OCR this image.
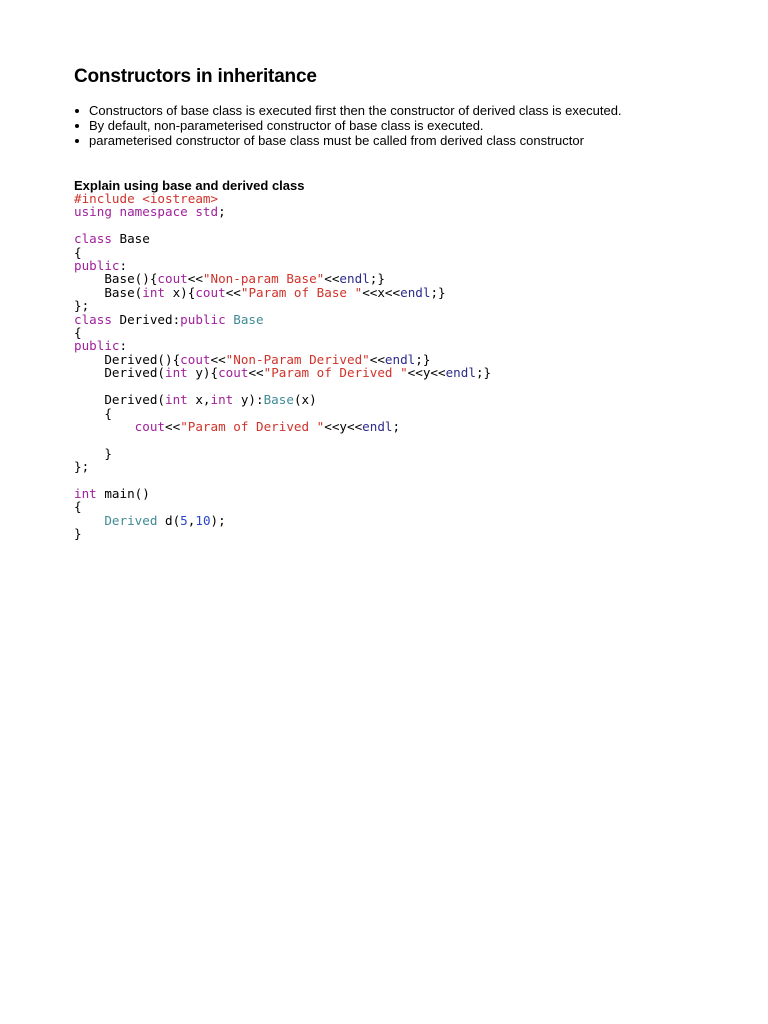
Constructors in inheritance
Constructors of base class is executed first then the constructor of derived class is executed.
By default, non-parameterised constructor of base class is executed.
parameterised constructor of base class must be called from derived class constructor

Explain using base and derived class

#include <iostream>
using namespace std;

class Base
{
public:
Base(){cout<<"Non-param Base"<<endl;}
Base(int x){cout<<"Param of Base "<<x<<endl;}
};
class Derived:public Base
{
public:
Derived(){cout<<"Non-Param Derived"<<endl;}
Derived(int y){cout<<"Param of Derived "<<y<<endl;}

Derived(int x,int y):Base(x)
{
cout<<"Param of Derived "<<y<<endl;

}
};

int main()
{
Derived d(5,10);
}
